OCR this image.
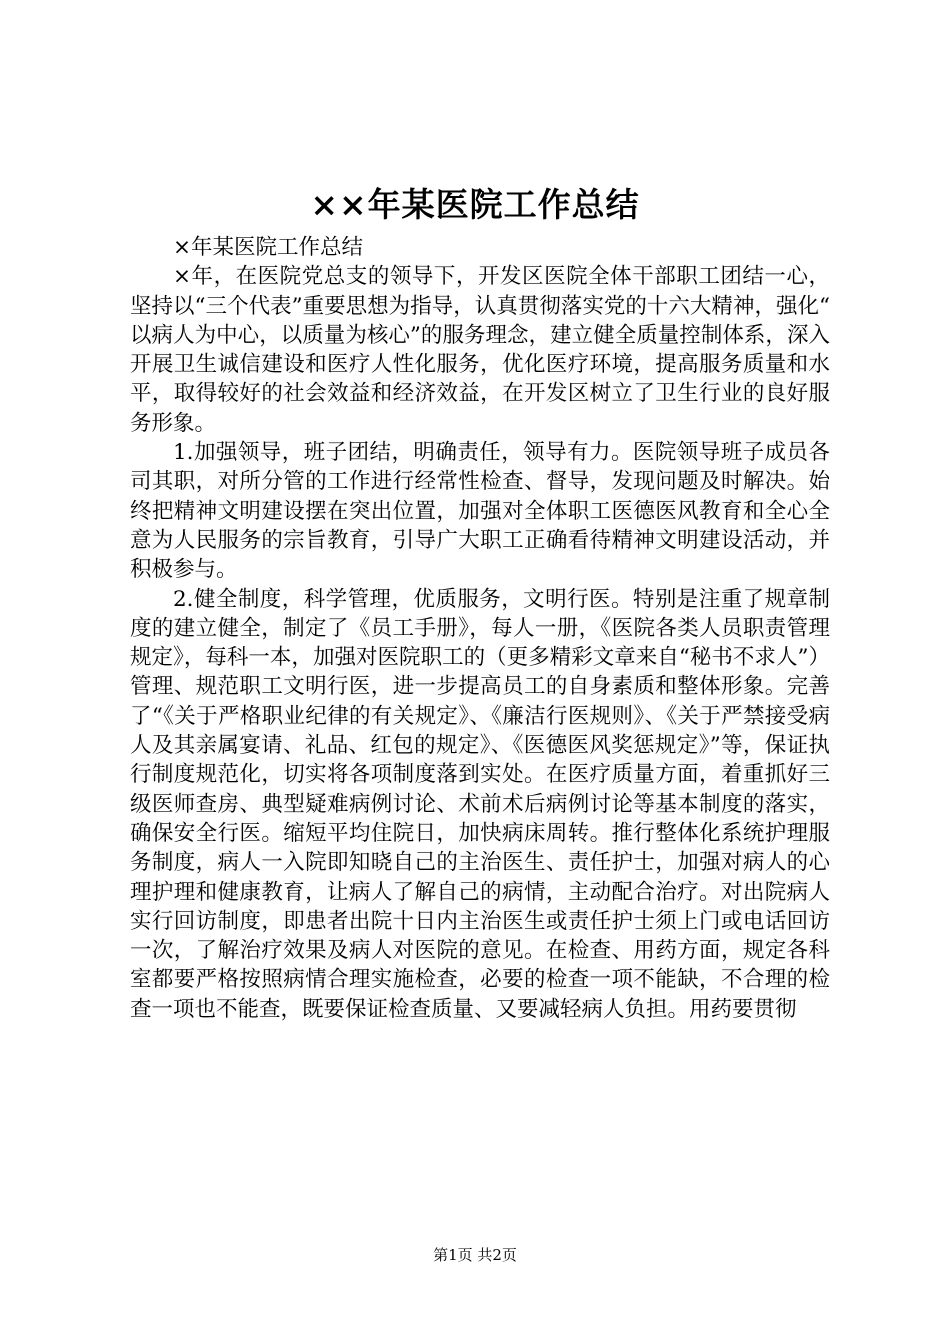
××年某医院工作总结

×年某医院工作总结

×年，在医院党总支的领导下，开发区医院全体干部职工团结一心，坚持以“三个代表”重要思想为指导，认真贯彻落实党的十六大精神，强化“以病人为中心，以质量为核心”的服务理念，建立健全质量控制体系，深入开展卫生诚信建设和医疗人性化服务，优化医疗环境，提高服务质量和水平，取得较好的社会效益和经济效益，在开发区树立了卫生行业的良好服务形象。

1.加强领导，班子团结，明确责任，领导有力。医院领导班子成员各司其职，对所分管的工作进行经常性检查、督导，发现问题及时解决。始终把精神文明建设摆在突出位置，加强对全体职工医德医风教育和全心全意为人民服务的宗旨教育，引导广大职工正确看待精神文明建设活动，并积极参与。

2.健全制度，科学管理，优质服务，文明行医。特别是注重了规章制度的建立健全，制定了《员工手册》，每人一册，《医院各类人员职责管理规定》，每科一本，加强对医院职工的（更多精彩文章来自“秘书不求人”）管理、规范职工文明行医，进一步提高员工的自身素质和整体形象。完善了“《关于严格职业纪律的有关规定》、《廉洁行医规则》、《关于严禁接受病人及其亲属宴请、礼品、红包的规定》、《医德医风奖惩规定》”等，保证执行制度规范化，切实将各项制度落到实处。在医疗质量方面，着重抓好三级医师查房、典型疑难病例讨论、术前术后病例讨论等基本制度的落实，确保安全行医。缩短平均住院日，加快病床周转。推行整体化系统护理服务制度，病人一入院即知晓自己的主治医生、责任护士，加强对病人的心理护理和健康教育，让病人了解自己的病情，主动配合治疗。对出院病人实行回访制度，即患者出院十日内主治医生或责任护士须上门或电话回访一次，了解治疗效果及病人对医院的意见。在检查、用药方面，规定各科室都要严格按照病情合理实施检查，必要的检查一项不能缺，不合理的检查一项也不能查，既要保证检查质量、又要减轻病人负担。用药要贯彻

第1页 共2页
